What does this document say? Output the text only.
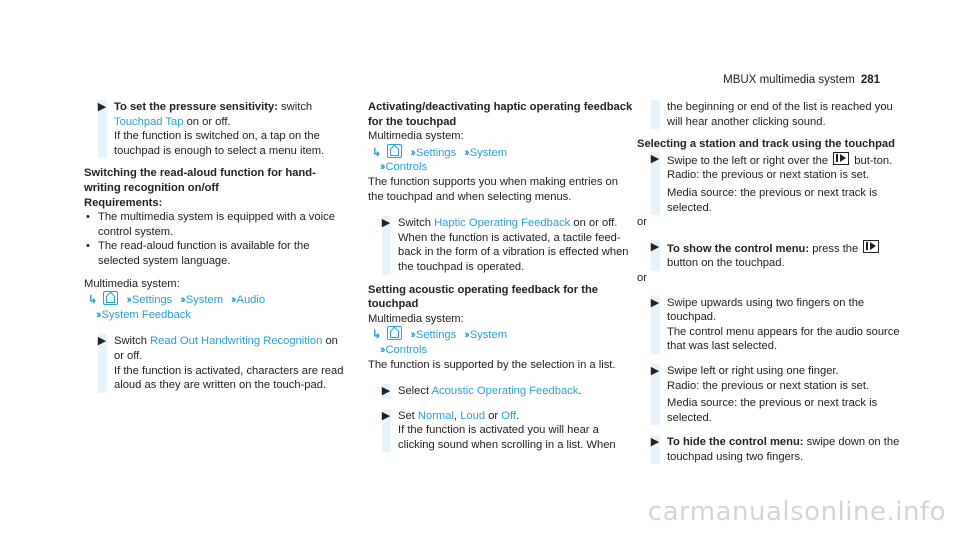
MBUX multimedia system 281
▶ To set the pressure sensitivity: switch
Touchpad Tap on or off.
If the function is switched on, a tap on the touchpad is enough to select a menu item.

Switching the read-aloud function for hand-writing recognition on/off

Requirements:

• The multimedia system is equipped with a voice control system.
• The read-aloud function is available for the selected system language.

Multimedia system:

↳	›› Settings ›› System ›› Audio
›› System Feedback
▶ Switch Read Out Handwriting Recognition on or off.
If the function is activated, characters are read aloud as they are written on the touch-pad.

Activating/deactivating haptic operating feedback for the touchpad

Multimedia system:

↳	›› Settings ›› System
›› Controls

The function supports you when making entries on the touchpad and when selecting menus.

▶ Switch Haptic Operating Feedback on or off.
When the function is activated, a tactile feed-back in the form of a vibration is effected when the touchpad is operated.

Setting acoustic operating feedback for the touchpad

Multimedia system:

↳	›› Settings ›› System
›› Controls

The function is supported by the selection in a list.

▶ Select Acoustic Operating Feedback.

▶ Set Normal, Loud or Off.
If the function is activated you will hear a clicking sound when scrolling in a list. When

the beginning or end of the list is reached you will hear another clicking sound.

Selecting a station and track using the touchpad

▶ Swipe to the left or right over the but-ton.
Radio: the previous or next station is set.

Media source: the previous or next track is selected.

or

▶ To show the control menu: press the
button on the touchpad.

or

▶ Swipe upwards using two fingers on the touchpad.
The control menu appears for the audio source that was last selected.

▶ Swipe left or right using one finger.
Radio: the previous or next station is set.

Media source: the previous or next track is selected.

▶ To hide the control menu: swipe down on the touchpad using two fingers.

carmanualsonline.info
